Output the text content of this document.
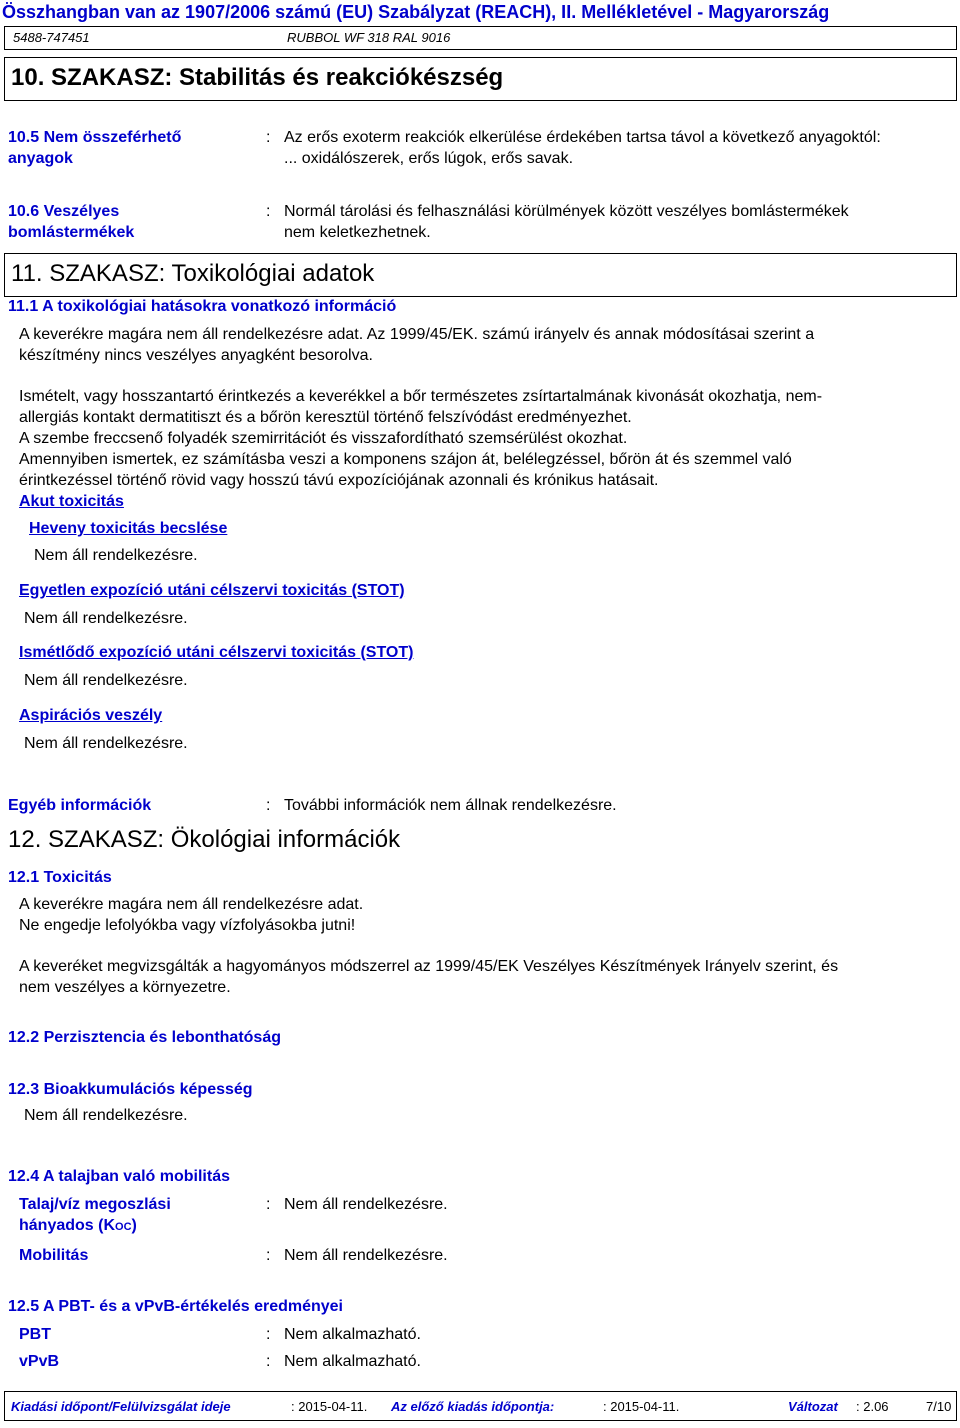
Összhangban van az 1907/2006 számú (EU) Szabályzat (REACH), II. Mellékletével - Magyarország
5488-747451	RUBBOL WF 318 RAL 9016
10. SZAKASZ: Stabilitás és reakciókészség
10.5 Nem összeférhető
anyagok
: Az erős exoterm reakciók elkerülése érdekében tartsa távol a következő anyagoktól:
... oxidálószerek, erős lúgok, erős savak.
10.6 Veszélyes
bomlástermékek
: Normál tárolási és felhasználási körülmények között veszélyes bomlástermékek
nem keletkezhetnek.
11. SZAKASZ: Toxikológiai adatok
11.1 A toxikológiai hatásokra vonatkozó információ
A keverékre magára nem áll rendelkezésre adat. Az 1999/45/EK. számú irányelv és annak módosításai szerint a
készítmény nincs veszélyes anyagként besorolva.
Ismételt, vagy hosszantartó érintkezés a keverékkel a bőr természetes zsírtartalmának kivonását okozhatja, nem-
allergiás kontakt dermatitiszt és a bőrön keresztül történő felszívódást eredményezhet.
A szembe freccsenő folyadék szemirritációt és visszafordítható szemsérülést okozhat.
Amennyiben ismertek, ez számításba veszi a komponens szájon át, belélegzéssel, bőrön át és szemmel való
érintkezéssel történő rövid vagy hosszú távú expozíciójának azonnali és krónikus hatásait.
Akut toxicitás
Heveny toxicitás becslése
Nem áll rendelkezésre.
Egyetlen expozíció utáni célszervi toxicitás (STOT)
Nem áll rendelkezésre.
Ismétlődő expozíció utáni célszervi toxicitás (STOT)
Nem áll rendelkezésre.
Aspirációs veszély
Nem áll rendelkezésre.
Egyéb információk	: További információk nem állnak rendelkezésre.
12. SZAKASZ: Ökológiai információk
12.1 Toxicitás
A keverékre magára nem áll rendelkezésre adat.
Ne engedje lefolyókba vagy vízfolyásokba jutni!
A keveréket megvizsgálták a hagyományos módszerrel az 1999/45/EK Veszélyes Készítmények Irányelv szerint, és
nem veszélyes a környezetre.
12.2 Perzisztencia és lebonthatóság
12.3 Bioakkumulációs képesség
Nem áll rendelkezésre.
12.4 A talajban való mobilitás
Talaj/víz megoszlási
hányados (KOC)
: Nem áll rendelkezésre.
Mobilitás	: Nem áll rendelkezésre.
12.5 A PBT- és a vPvB-értékelés eredményei
PBT	: Nem alkalmazható.
vPvB	: Nem alkalmazható.
Kiadási időpont/Felülvizsgálat ideje	: 2015-04-11. Az előző kiadás időpontja:	: 2015-04-11.	Változat : 2.06	7/10
